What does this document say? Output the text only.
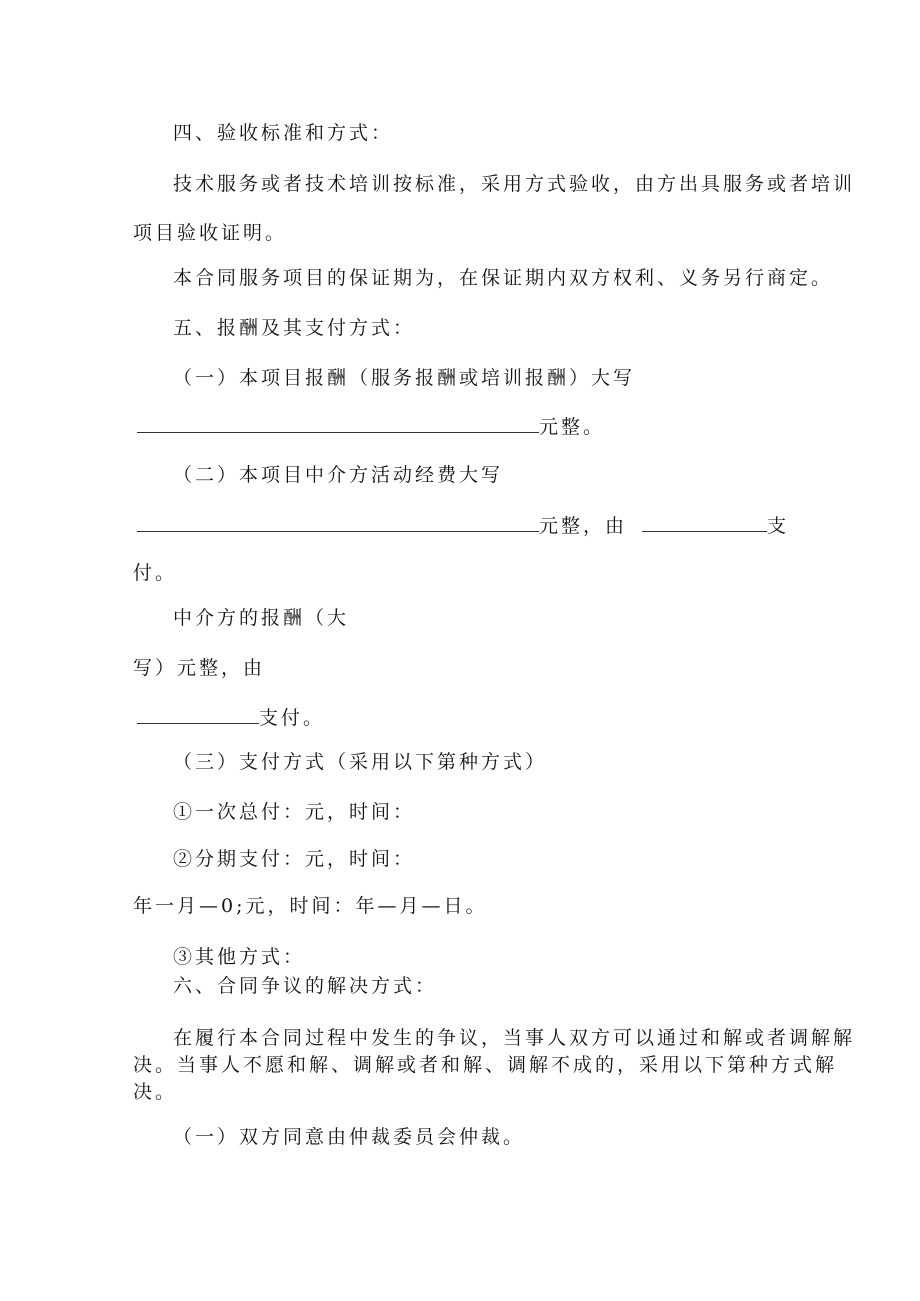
四、验收标准和方式：
技术服务或者技术培训按标准，采用方式验收，由方出具服务或者培训
项目验收证明。
本合同服务项目的保证期为，在保证期内双方权利、义务另行商定。
五、报酬及其支付方式：
（一）本项目报酬（服务报酬或培训报酬）大写
元整。
（二）本项目中介方活动经费大写
元整，由	支
付。
中介方的报酬（大
写）元整，由
支付。
（三）支付方式（采用以下第种方式）
①一次总付：元，时间：
②分期支付：元，时间：
年一月—0;元，时间：年—月—日。
③其他方式：
六、合同争议的解决方式：
在履行本合同过程中发生的争议，当事人双方可以通过和解或者调解解
决。当事人不愿和解、调解或者和解、调解不成的，采用以下第种方式解
决。
（一）双方同意由仲裁委员会仲裁。
